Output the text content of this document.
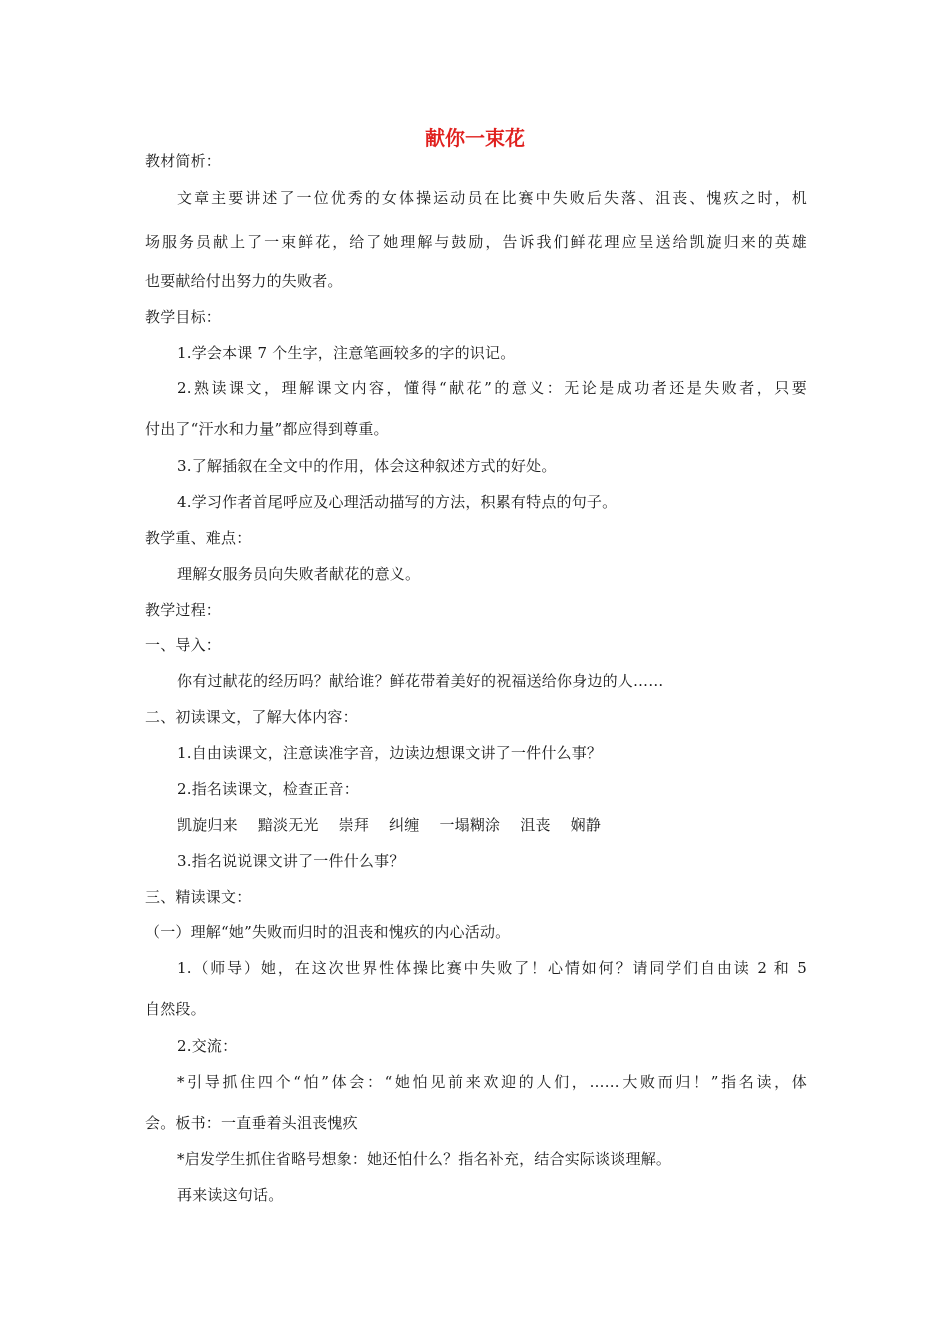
献你一束花
教材简析：
文章主要讲述了一位优秀的女体操运动员在比赛中失败后失落、沮丧、愧疚之时，机
场服务员献上了一束鲜花，给了她理解与鼓励，告诉我们鲜花理应呈送给凯旋归来的英雄
也要献给付出努力的失败者。
教学目标：
1.学会本课 7 个生字，注意笔画较多的字的识记。
2.熟读课文，理解课文内容，懂得“献花”的意义：无论是成功者还是失败者，只要
付出了“汗水和力量”都应得到尊重。
3.了解插叙在全文中的作用，体会这种叙述方式的好处。
4.学习作者首尾呼应及心理活动描写的方法，积累有特点的句子。
教学重、难点：
理解女服务员向失败者献花的意义。
教学过程：
一、导入：
你有过献花的经历吗？献给谁？鲜花带着美好的祝福送给你身边的人……
二、初读课文，了解大体内容：
1.自由读课文，注意读准字音，边读边想课文讲了一件什么事？
2.指名读课文，检查正音：
凯旋归来 黯淡无光 崇拜 纠缠 一塌糊涂 沮丧 娴静
3.指名说说课文讲了一件什么事？
三、精读课文：
（一）理解“她”失败而归时的沮丧和愧疚的内心活动。
1.（师导）她，在这次世界性体操比赛中失败了！心情如何？请同学们自由读 2 和 5
自然段。
2.交流：
*引导抓住四个“怕”体会：“她怕见前来欢迎的人们，……大败而归！”指名读，体
会。板书：一直垂着头沮丧愧疚
*启发学生抓住省略号想象：她还怕什么？指名补充，结合实际谈谈理解。
再来读这句话。
